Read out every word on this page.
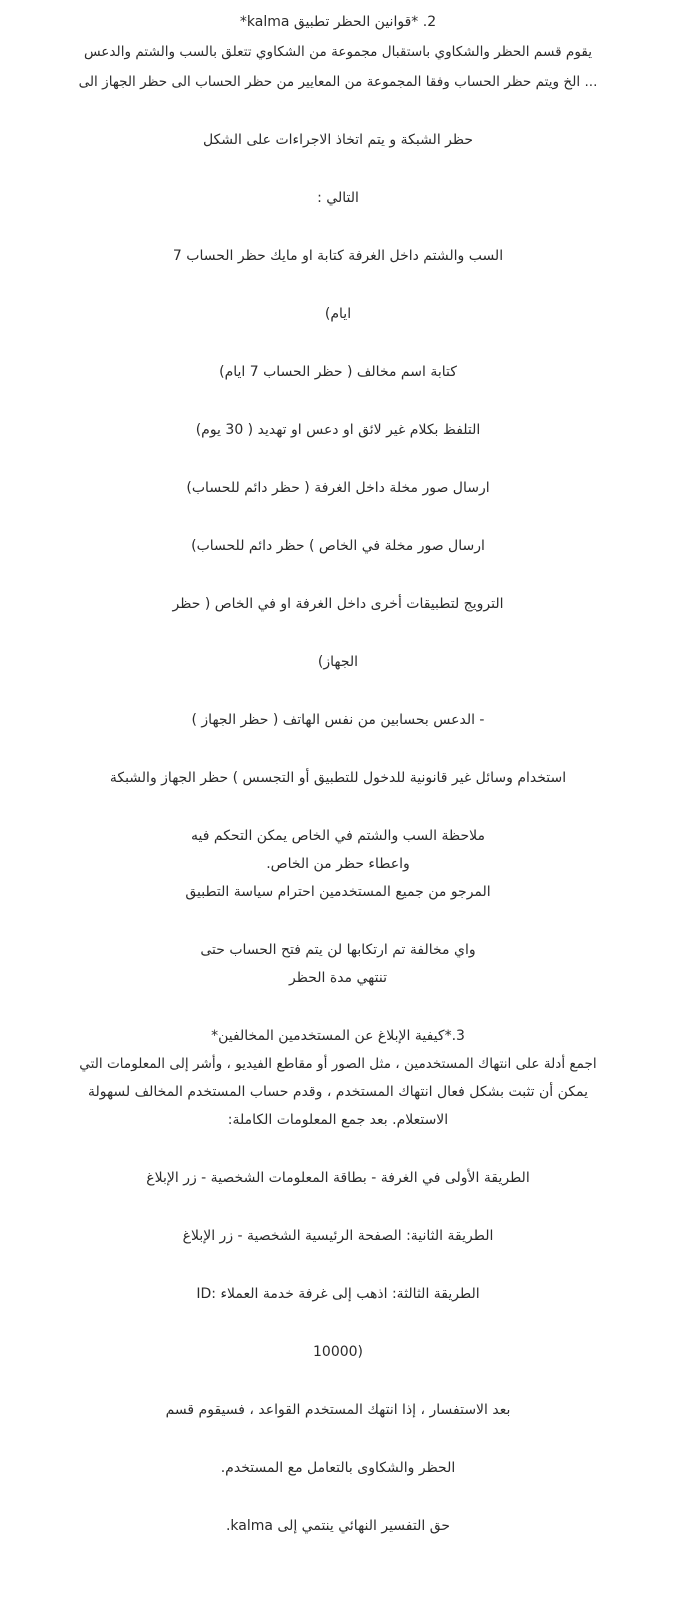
2. *قوانين الحظر تطبيق kalma*
يقوم قسم الحظر والشكاوي باستقبال مجموعة من الشكاوي تتعلق بالسب والشتم والدعس
... الخ ويتم حظر الحساب وفقا المجموعة من المعايير من حظر الحساب الى حظر الجهاز الى
حظر الشبكة و يتم اتخاذ الاجراءات على الشكل
التالي :
السب والشتم داخل الغرفة كتابة او مايك حظر الحساب 7
ايام)
كتابة اسم مخالف ( حظر الحساب 7 ايام)
التلفظ بكلام غير لائق او دعس او تهديد ( 30 يوم)
ارسال صور مخلة داخل الغرفة ( حظر دائم للحساب)
ارسال صور مخلة في الخاص ) حظر دائم للحساب)
الترويج لتطبيقات أخرى داخل الغرفة او في الخاص ( حظر
الجهاز)
- الدعس بحسابين من نفس الهاتف ( حظر الجهاز )
استخدام وسائل غير قانونية للدخول للتطبيق أو التجسس ) حظر الجهاز والشبكة
ملاحظة السب والشتم في الخاص يمكن التحكم فيه
واعطاء حظر من الخاص.
المرجو من جميع المستخدمين احترام سياسة التطبيق
واي مخالفة تم ارتكابها لن يتم فتح الحساب حتى
تنتهي مدة الحظر
3.*كيفية الإبلاغ عن المستخدمين المخالفين*
اجمع أدلة على انتهاك المستخدمين ، مثل الصور أو مقاطع الفيديو ، وأشر إلى المعلومات التي
يمكن أن تثبت بشكل فعال انتهاك المستخدم ، وقدم حساب المستخدم المخالف لسهولة
الاستعلام. بعد جمع المعلومات الكاملة:
الطريقة الأولى في الغرفة - بطاقة المعلومات الشخصية - زر الإبلاغ
الطريقة الثانية: الصفحة الرئيسية الشخصية - زر الإبلاغ
الطريقة الثالثة: اذهب إلى غرفة خدمة العملاء :ID
10000)
بعد الاستفسار ، إذا انتهك المستخدم القواعد ، فسيقوم قسم
الحظر والشكاوى بالتعامل مع المستخدم.
حق التفسير النهائي ينتمي إلى kalma.
